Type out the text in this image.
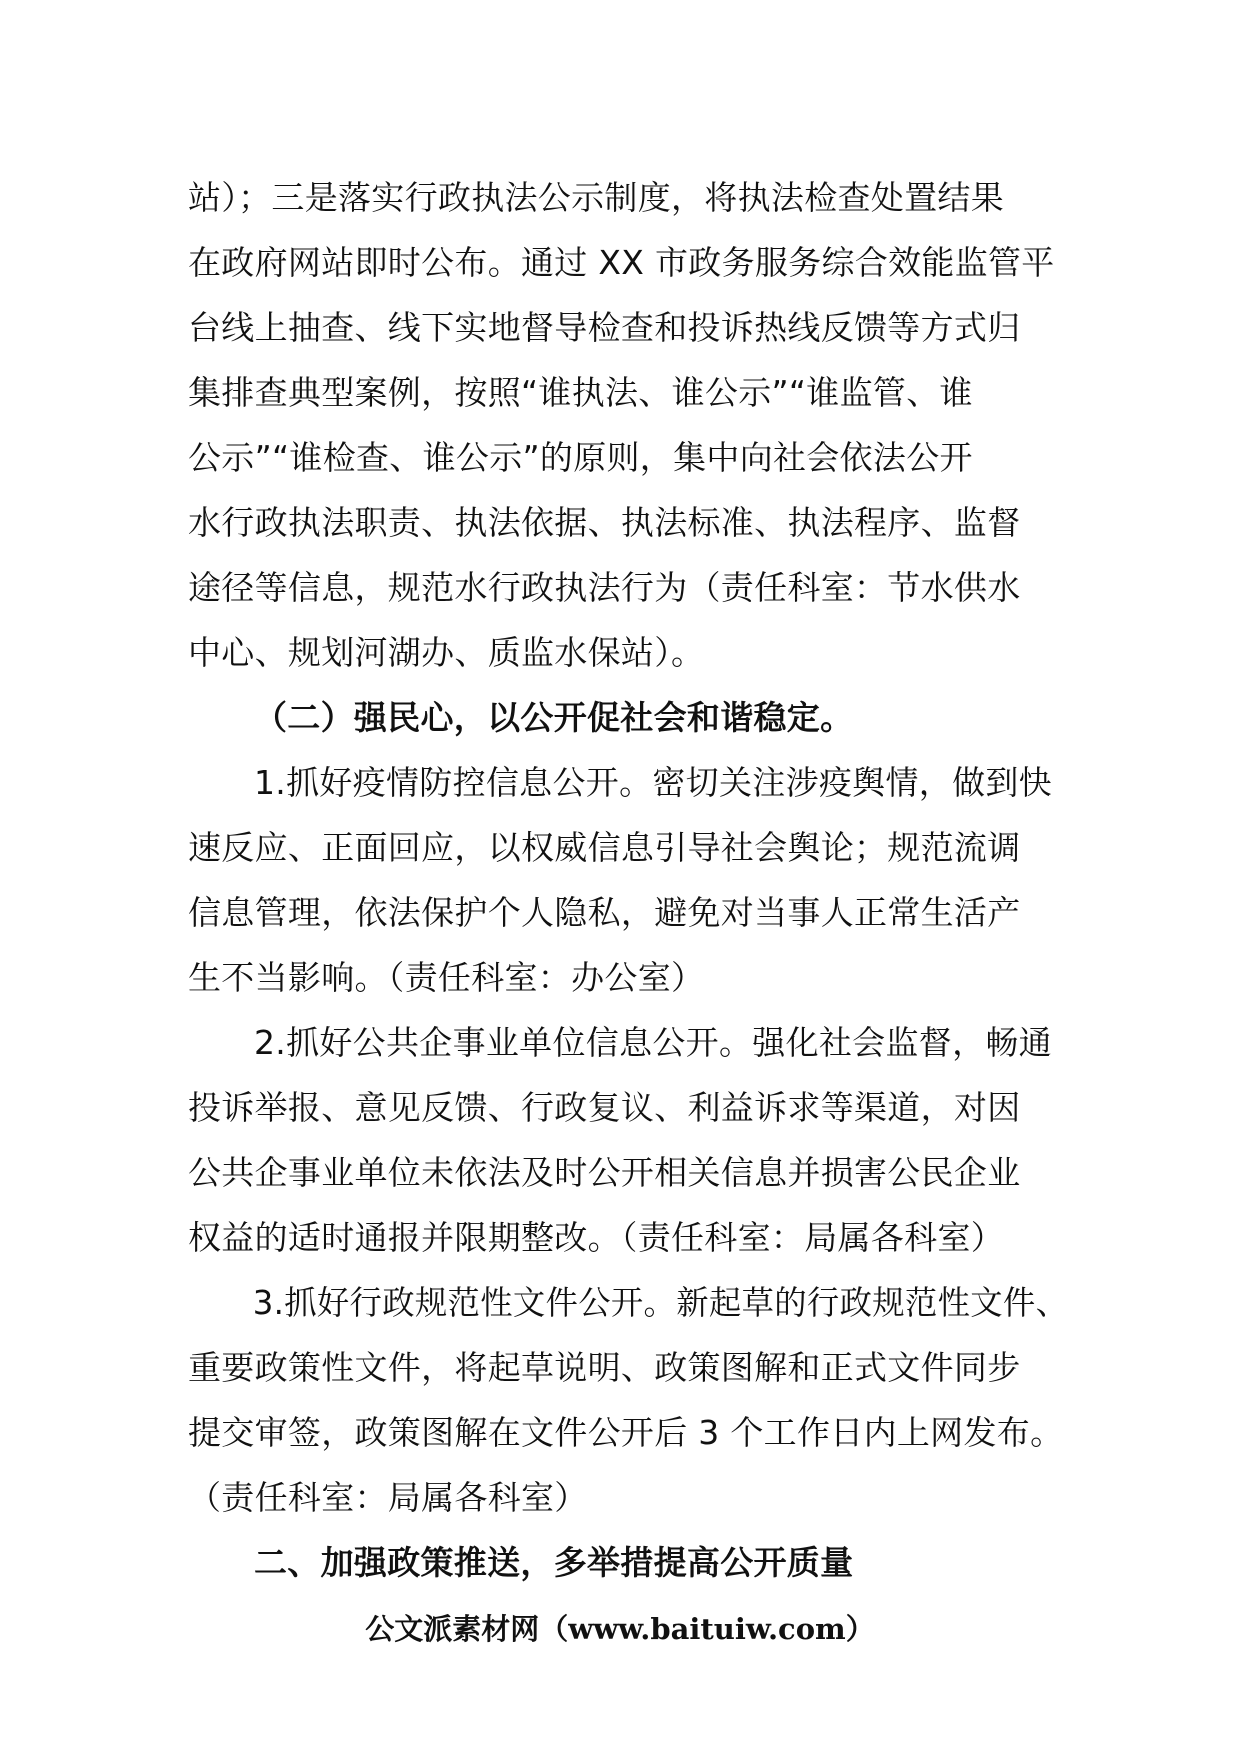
站）；三是落实行政执法公示制度，将执法检查处置结果
在政府网站即时公布。通过 XX 市政务服务综合效能监管平
台线上抽查、线下实地督导检查和投诉热线反馈等方式归
集排查典型案例，按照“谁执法、谁公示”“谁监管、谁
公示”“谁检查、谁公示”的原则，集中向社会依法公开
水行政执法职责、执法依据、执法标准、执法程序、监督
途径等信息，规范水行政执法行为（责任科室：节水供水
中心、规划河湖办、质监水保站）。
（二）强民心，以公开促社会和谐稳定。
1.抓好疫情防控信息公开。密切关注涉疫舆情，做到快
速反应、正面回应，以权威信息引导社会舆论；规范流调
信息管理，依法保护个人隐私，避免对当事人正常生活产
生不当影响。（责任科室：办公室）
2.抓好公共企事业单位信息公开。强化社会监督，畅通
投诉举报、意见反馈、行政复议、利益诉求等渠道，对因
公共企事业单位未依法及时公开相关信息并损害公民企业
权益的适时通报并限期整改。（责任科室：局属各科室）
3.抓好行政规范性文件公开。新起草的行政规范性文件、
重要政策性文件，将起草说明、政策图解和正式文件同步
提交审签，政策图解在文件公开后 3 个工作日内上网发布。
（责任科室：局属各科室）
二、加强政策推送，多举措提高公开质量
公文派素材网（www.baituiw.com）
